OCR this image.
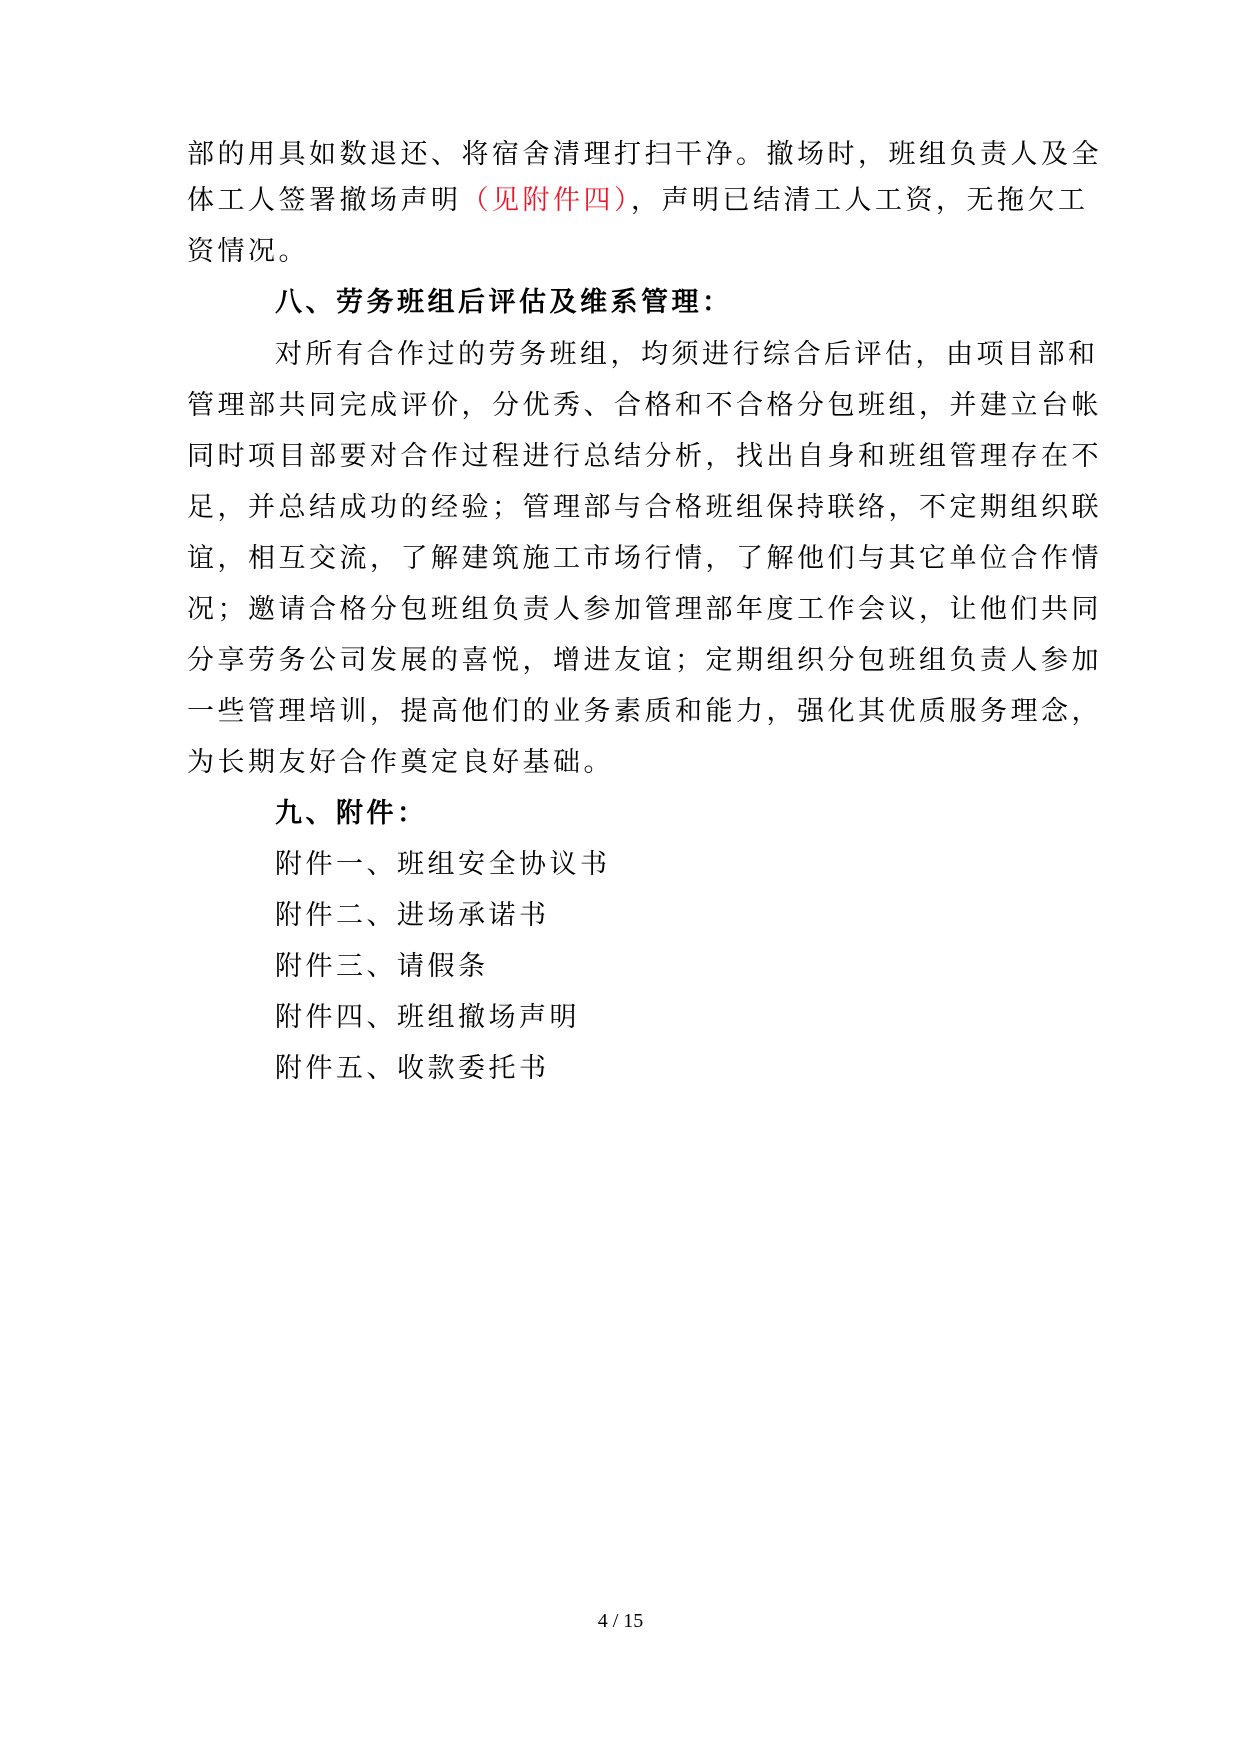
部的用具如数退还、将宿舍清理打扫干净。撤场时，班组负责人及全
体工人签署撤场声明（见附件四），声明已结清工人工资，无拖欠工
资情况。
八、劳务班组后评估及维系管理：
对所有合作过的劳务班组，均须进行综合后评估，由项目部和
管理部共同完成评价，分优秀、合格和不合格分包班组，并建立台帐
同时项目部要对合作过程进行总结分析，找出自身和班组管理存在不
足，并总结成功的经验；管理部与合格班组保持联络，不定期组织联
谊，相互交流，了解建筑施工市场行情，了解他们与其它单位合作情
况；邀请合格分包班组负责人参加管理部年度工作会议，让他们共同
分享劳务公司发展的喜悦，增进友谊；定期组织分包班组负责人参加
一些管理培训，提高他们的业务素质和能力，强化其优质服务理念，
为长期友好合作奠定良好基础。
九、附件：
附件一、班组安全协议书
附件二、进场承诺书
附件三、请假条
附件四、班组撤场声明
附件五、收款委托书
4 / 15
